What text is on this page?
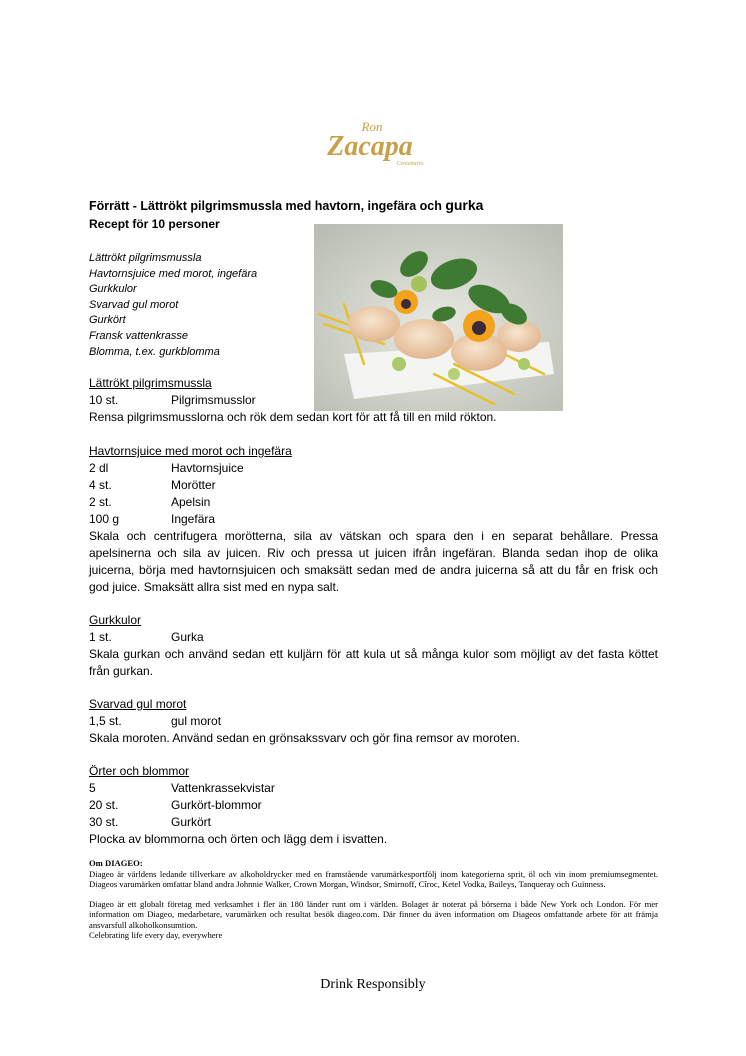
Ron
Zacapa
Centenario
Förrätt - Lättrökt pilgrimsmussla med havtorn, ingefära och gurka
Recept för 10 personer
Lättrökt pilgrimsmussla
Havtornsjuice med morot, ingefära
Gurkkulor
Svarvad gul morot
Gurkört
Fransk vattenkrasse
Blomma, t.ex. gurkblomma
Lättrökt pilgrimsmussla
10 st.	Pilgrimsmusslor
Rensa pilgrimsmusslorna och rök dem sedan kort för att få till en mild rökton.
Havtornsjuice med morot och ingefära
2 dl	Havtornsjuice
4 st.	Morötter
2 st.	Apelsin
100 g	Ingefära
Skala och centrifugera morötterna, sila av vätskan och spara den i en separat behållare. Pressa apelsinerna och sila av juicen. Riv och pressa ut juicen ifrån ingefäran. Blanda sedan ihop de olika juicerna, börja med havtornsjuicen och smaksätt sedan med de andra juicerna så att du får en frisk och god juice. Smaksätt allra sist med en nypa salt.
Gurkkulor
1 st.	Gurka
Skala gurkan och använd sedan ett kuljärn för att kula ut så många kulor som möjligt av det fasta köttet från gurkan.
Svarvad gul morot
1,5 st.	gul morot
Skala moroten. Använd sedan en grönsakssvarv och gör fina remsor av moroten.
Örter och blommor
5	Vattenkrassekvistar
20 st.	Gurkört-blommor
30 st.	Gurkört
Plocka av blommorna och örten och lägg dem i isvatten.
Om DIAGEO:
Diageo är världens ledande tillverkare av alkoholdrycker med en framstående varumärkesportfölj inom kategorierna sprit, öl och vin inom premiumsegmentet. Diageos varumärken omfattar bland andra Johnnie Walker, Crown Morgan, Windsor, Smirnoff, Cîroc, Ketel Vodka, Baileys, Tanqueray och Guinness.
Diageo är ett globalt företag med verksamhet i fler än 180 länder runt om i världen. Bolaget är noterat på börserna i både New York och London. För mer information om Diageo, medarbetare, varumärken och resultat besök diageo.com. Där finner du även information om Diageos omfattande arbete för att främja ansvarsfull alkoholkonsumtion.
Celebrating life every day, everywhere
Drink Responsibly
